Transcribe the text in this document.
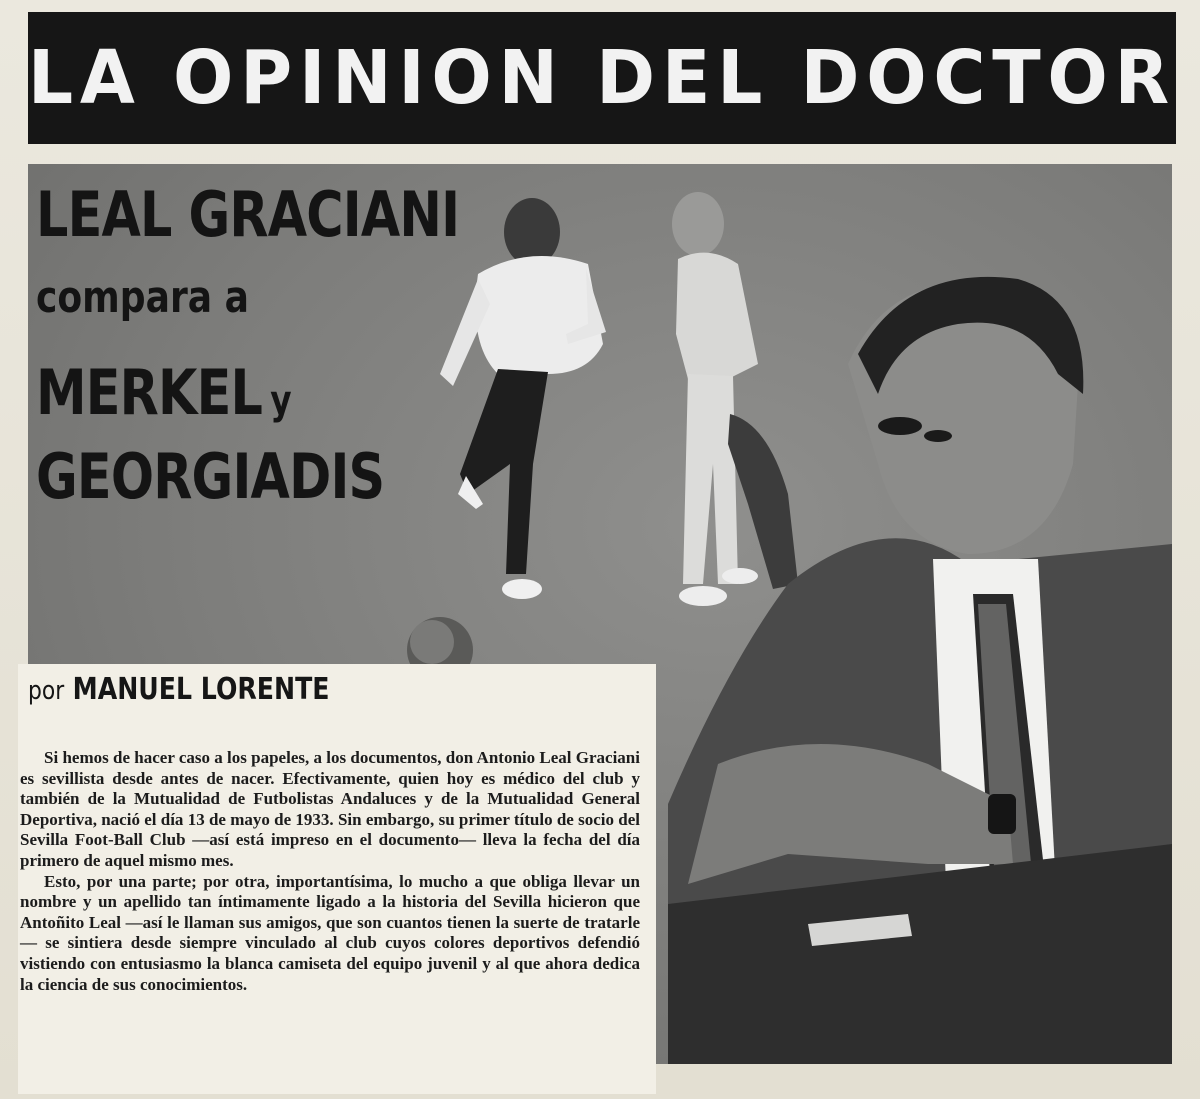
LA OPINION DEL DOCTOR
LEAL GRACIANI
compara a
MERKEL y
GEORGIADIS
por MANUEL LORENTE

Si hemos de hacer caso a los papeles, a los documentos, don Antonio Leal Graciani es sevillista desde antes de nacer. Efectivamente, quien hoy es médico del club y también de la Mutualidad de Futbolistas Andaluces y de la Mutualidad General Deportiva, nació el día 13 de mayo de 1933. Sin embargo, su primer título de socio del Sevilla Foot-Ball Club —así está impreso en el documento— lleva la fecha del día primero de aquel mismo mes.

Esto, por una parte; por otra, importantísima, lo mucho a que obliga llevar un nombre y un apellido tan íntimamente ligado a la historia del Sevilla hicieron que Antoñito Leal —así le llaman sus amigos, que son cuantos tienen la suerte de tratarle— se sintiera desde siempre vinculado al club cuyos colores deportivos defendió vistiendo con entusiasmo la blanca camiseta del equipo juvenil y al que ahora dedica la ciencia de sus conocimientos.
